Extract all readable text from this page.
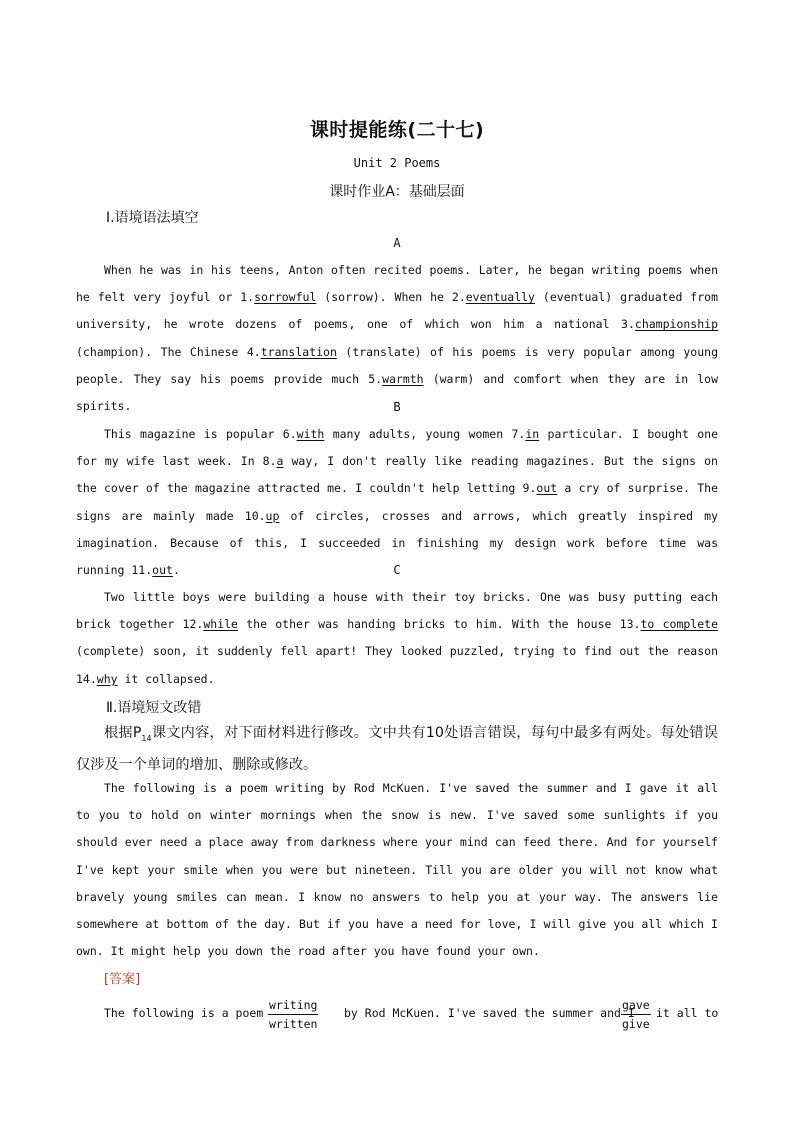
课时提能练(二十七)
Unit 2 Poems
课时作业A：基础层面
Ⅰ.语境语法填空
A
When he was in his teens, Anton often recited poems. Later, he began writing poems when he felt very joyful or 1.sorrowful (sorrow). When he 2.eventually (eventual) graduated from university, he wrote dozens of poems, one of which won him a national 3.championship (champion). The Chinese 4.translation (translate) of his poems is very popular among young people. They say his poems provide much 5.warmth (warm) and comfort when they are in low spirits.	B
This magazine is popular 6.with many adults, young women 7.in particular. I bought one for my wife last week. In 8.a way, I don't really like reading magazines. But the signs on the cover of the magazine attracted me. I couldn't help letting 9.out a cry of surprise. The signs are mainly made 10.up of circles, crosses and arrows, which greatly inspired my imagination. Because of this, I succeeded in finishing my design work before time was running 11.out.	C
Two little boys were building a house with their toy bricks. One was busy putting each brick together 12.while the other was handing bricks to him. With the house 13.to complete (complete) soon, it suddenly fell apart! They looked puzzled, trying to find out the reason 14.why it collapsed.
Ⅱ.语境短文改错
根据$P_{14}$课文内容，对下面材料进行修改。文中共有10处语言错误，每句中最多有两处。每处错误仅涉及一个单词的增加、删除或修改。
The following is a poem writing by Rod McKuen. I've saved the summer and I gave it all to you to hold on winter mornings when the snow is new. I've saved some sunlights if you should ever need a place away from darkness where your mind can feed there. And for yourself I've kept your smile when you were but nineteen. Till you are older you will not know what bravely young smiles can mean. I know no answers to help you at your way. The answers lie somewhere at bottom of the day. But if you have a need for love, I will give you all which I own. It might help you down the road after you have found your own.
[答案]
The following is a poem
writing
written
by Rod McKuen. I've saved the summer and I
gave
give
it all to
